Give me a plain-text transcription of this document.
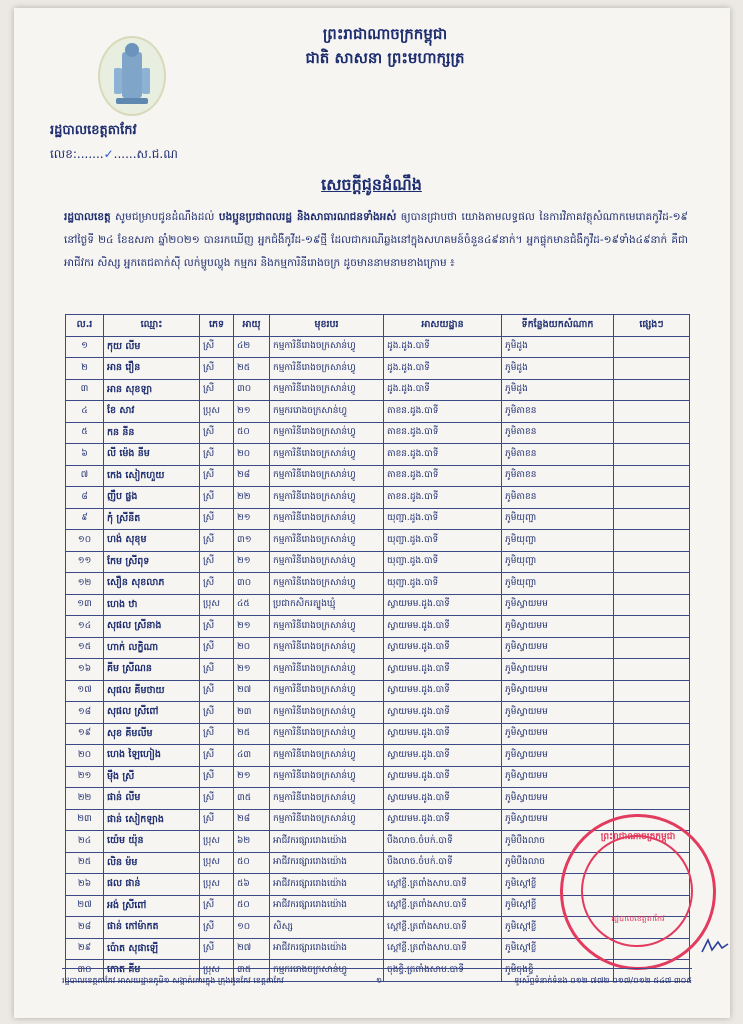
ព្រះរាជាណាចក្រកម្ពុជា
ជាតិ សាសនា ព្រះមហាក្សត្រ
រដ្ឋបាលខេត្តតាកែវ
លេខ:.......✓......ស.ជ.ណ
សេចក្តីជូនដំណឹង
រដ្ឋបាលខេត្ត សូមជម្រាបជូនដំណឹងដល់ បងប្អូនប្រជាពលរដ្ឋ និងសាធារណជនទាំងអស់ ឲ្យបានជ្រាបថា យោងតាមលទ្ធផល នៃការវិភាគវត្ថុសំណាកមេរោគកូវីដ-១៩ នៅថ្ងៃទី ២៤ ខែឧសភា ឆ្នាំ២០២១ បានរកឃើញ អ្នកជំងឺកូវីដ-១៩ថ្មី ដែលជាករណីឆ្លងនៅក្នុងសហគមន៍ចំនួន៤៩នាក់។ អ្នកផ្ទុកមានជំងឺកូវីដ-១៩ទាំង៤៩នាក់ គឺជាអាជីវករ សិស្ស អ្នកតេជតាក់ស៊ី លក់ម្ហូបល្ហុង កម្មករ និងកម្មការិនីរោងចក្រ ដូចមាននាមនាមខាងក្រោម ៖
ល.រ	ឈ្មោះ	ភេទ	អាយុ	មុខរបរ	អាសយដ្ឋាន	ទីកន្លែងយកសំណាក	ផ្សេងៗ
១	កុយ លីម	ស្រី	៤២	កម្មការិនីរោងចក្រសាន់ហ្វូ	ដូង.ដូង.បាទី	ភូមិដូង	
២	អាន រឿន	ស្រី	២៥	កម្មការិនីរោងចក្រសាន់ហ្វូ	ដូង.ដូង.បាទី	ភូមិដូង	
៣	អាន សុខឡា	ស្រី	៣០	កម្មការិនីរោងចក្រសាន់ហ្វូ	ដូង.ដូង.បាទី	ភូមិដូង	
៤	ខែ សាវ	ប្រុស	២១	កម្មកររោងចក្រសាន់ហ្វូ	តាខន.ដូង.បាទី	ភូមិតាខន	
៥	កន នីន	ស្រី	៥០	កម្មការិនីរោងចក្រសាន់ហ្វូ	តាខន.ដូង.បាទី	ភូមិតាខន	
៦	លី ម៉េង នីម	ស្រី	២០	កម្មការិនីរោងចក្រសាន់ហ្វូ	តាខន.ដូង.បាទី	ភូមិតាខន	
៧	កេង សៀកហួយ	ស្រី	២៨	កម្មការិនីរោងចក្រសាន់ហ្វូ	តាខន.ដូង.បាទី	ភូមិតាខន	
៨	ញឹប ផ្លង	ស្រី	២២	កម្មការិនីរោងចក្រសាន់ហ្វូ	តាខន.ដូង.បាទី	ភូមិតាខន	
៩	កុំ ស្រីនីត	ស្រី	២១	កម្មការិនីរោងចក្រសាន់ហ្វូ	យុញ្ជា.ដូង.បាទី	ភូមិយុញ្ជា	
១០	ហង់ សុខុម	ស្រី	៣១	កម្មការិនីរោងចក្រសាន់ហ្វូ	យុញ្ជា.ដូង.បាទី	ភូមិយុញ្ជា	
១១	កែម ស្រីពុទ	ស្រី	២១	កម្មការិនីរោងចក្រសាន់ហ្វូ	យុញ្ជា.ដូង.បាទី	ភូមិយុញ្ជា	
១២	សឿន សុខលាភ	ស្រី	៣០	កម្មការិនីរោងចក្រសាន់ហ្វូ	យុញ្ជា.ដូង.បាទី	ភូមិយុញ្ជា	
១៣	ហេង ឋា	ប្រុស	៤៥	ប្រជាកសិករត្បូងឃ្មុំ	ស្វាយមម.ដូង.បាទី	ភូមិស្វាយមម	
១៤	សុផល ស្រីនាង	ស្រី	២១	កម្មការិនីរោងចក្រសាន់ហ្វូ	ស្វាយមម.ដូង.បាទី	ភូមិស្វាយមម	
១៥	ហាក់ លក្ខិណា	ស្រី	២០	កម្មការិនីរោងចក្រសាន់ហ្វូ	ស្វាយមម.ដូង.បាទី	ភូមិស្វាយមម	
១៦	គីម ស្រីណន	ស្រី	២១	កម្មការិនីរោងចក្រសាន់ហ្វូ	ស្វាយមម.ដូង.បាទី	ភូមិស្វាយមម	
១៧	សុផល គីមថាយ	ស្រី	២៧	កម្មការិនីរោងចក្រសាន់ហ្វូ	ស្វាយមម.ដូង.បាទី	ភូមិស្វាយមម	
១៨	សុផល ស្រីពៅ	ស្រី	២៣	កម្មការិនីរោងចក្រសាន់ហ្វូ	ស្វាយមម.ដូង.បាទី	ភូមិស្វាយមម	
១៩	សុខ គីមលីម	ស្រី	២៥	កម្មការិនីរោងចក្រសាន់ហ្វូ	ស្វាយមម.ដូង.បាទី	ភូមិស្វាយមម	
២០	ហេង ឡៃហៀង	ស្រី	៤៣	កម្មការិនីរោងចក្រសាន់ហ្វូ	ស្វាយមម.ដូង.បាទី	ភូមិស្វាយមម	
២១	ម៉ឹង ស្រី	ស្រី	២១	កម្មការិនីរោងចក្រសាន់ហ្វូ	ស្វាយមម.ដូង.បាទី	ភូមិស្វាយមម	
២២	ផាន់ លីម	ស្រី	៣៥	កម្មការិនីរោងចក្រសាន់ហ្វូ	ស្វាយមម.ដូង.បាទី	ភូមិស្វាយមម	
២៣	ផាន់ សៀកឡាង	ស្រី	២៨	កម្មការិនីរោងចក្រសាន់ហ្វូ	ស្វាយមម.ដូង.បាទី	ភូមិស្វាយមម	
២៤	យ៉េម យ៉ុន	ប្រុស	៦២	អាជីវករផ្សាររោងយ៉ោង	បឹងលាច.ចំបក់.បាទី	ភូមិបឹងលាច	
២៥	លិន ម៉ម	ប្រុស	៥០	អាជីវករផ្សាររោងយ៉ោង	បឹងលាច.ចំបក់.បាទី	ភូមិបឹងលាច	
២៦	ផល ផាន់	ប្រុស	៥៦	អាជីវករផ្សាររោងយ៉ោង	ស្តៅខ្លី.ត្រពាំងសាប.បាទី	ភូមិស្តៅខ្លី	
២៧	អង់ ស្រីពៅ	ស្រី	៥០	អាជីវករផ្សាររោងយ៉ោង	ស្តៅខ្លី.ត្រពាំងសាប.បាទី	ភូមិស្តៅខ្លី	
២៨	ផាន់ កៅម៉ាកត	ស្រី	១០	សិស្ស	ស្តៅខ្លី.ត្រពាំងសាប.បាទី	ភូមិស្តៅខ្លី	
២៩	ប៉ោត សុផាឡើ	ស្រី	២៧	អាជីវករផ្សាររោងយ៉ោង	ស្តៅខ្លី.ត្រពាំងសាប.បាទី	ភូមិស្តៅខ្លី	
៣០	កោត គីម	ប្រុស	៣៥	កម្មកររោងចក្រសាន់ហ្វូ	ចុងខ្វិ.ត្រពាំងសាប.បាទី	ភូមិចុងខ្វិ	
ព្រះរាជាណាចក្រកម្ពុជា
រដ្ឋបាលខេត្តតាកែវ
រដ្ឋបាលខេត្តតាកែវ អាសយដ្ឋានភូមិ១ សង្កាត់រការក្នុង ក្រុងដូនកែវ ខេត្តតាកែវ	១	ទូរស័ព្ទទំនាក់ទំនង ០១២ ៧៧២ ០១៧/០១២ ៥៤៧ ៣០៥
